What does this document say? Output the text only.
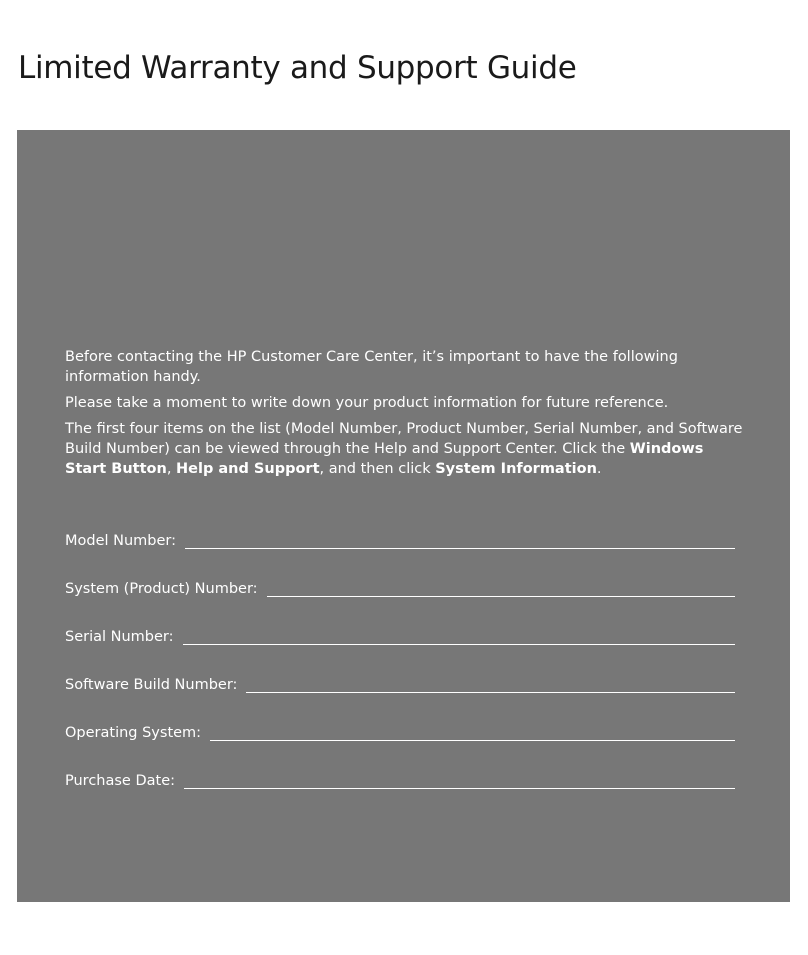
Limited Warranty and Support Guide

Before contacting the HP Customer Care Center, it’s important to have the following information handy.

Please take a moment to write down your product information for future reference.

The first four items on the list (Model Number, Product Number, Serial Number, and Software Build Number) can be viewed through the Help and Support Center. Click the Windows Start Button, Help and Support, and then click System Information.

Model Number:
System (Product) Number:
Serial Number:
Software Build Number:
Operating System:
Purchase Date:
